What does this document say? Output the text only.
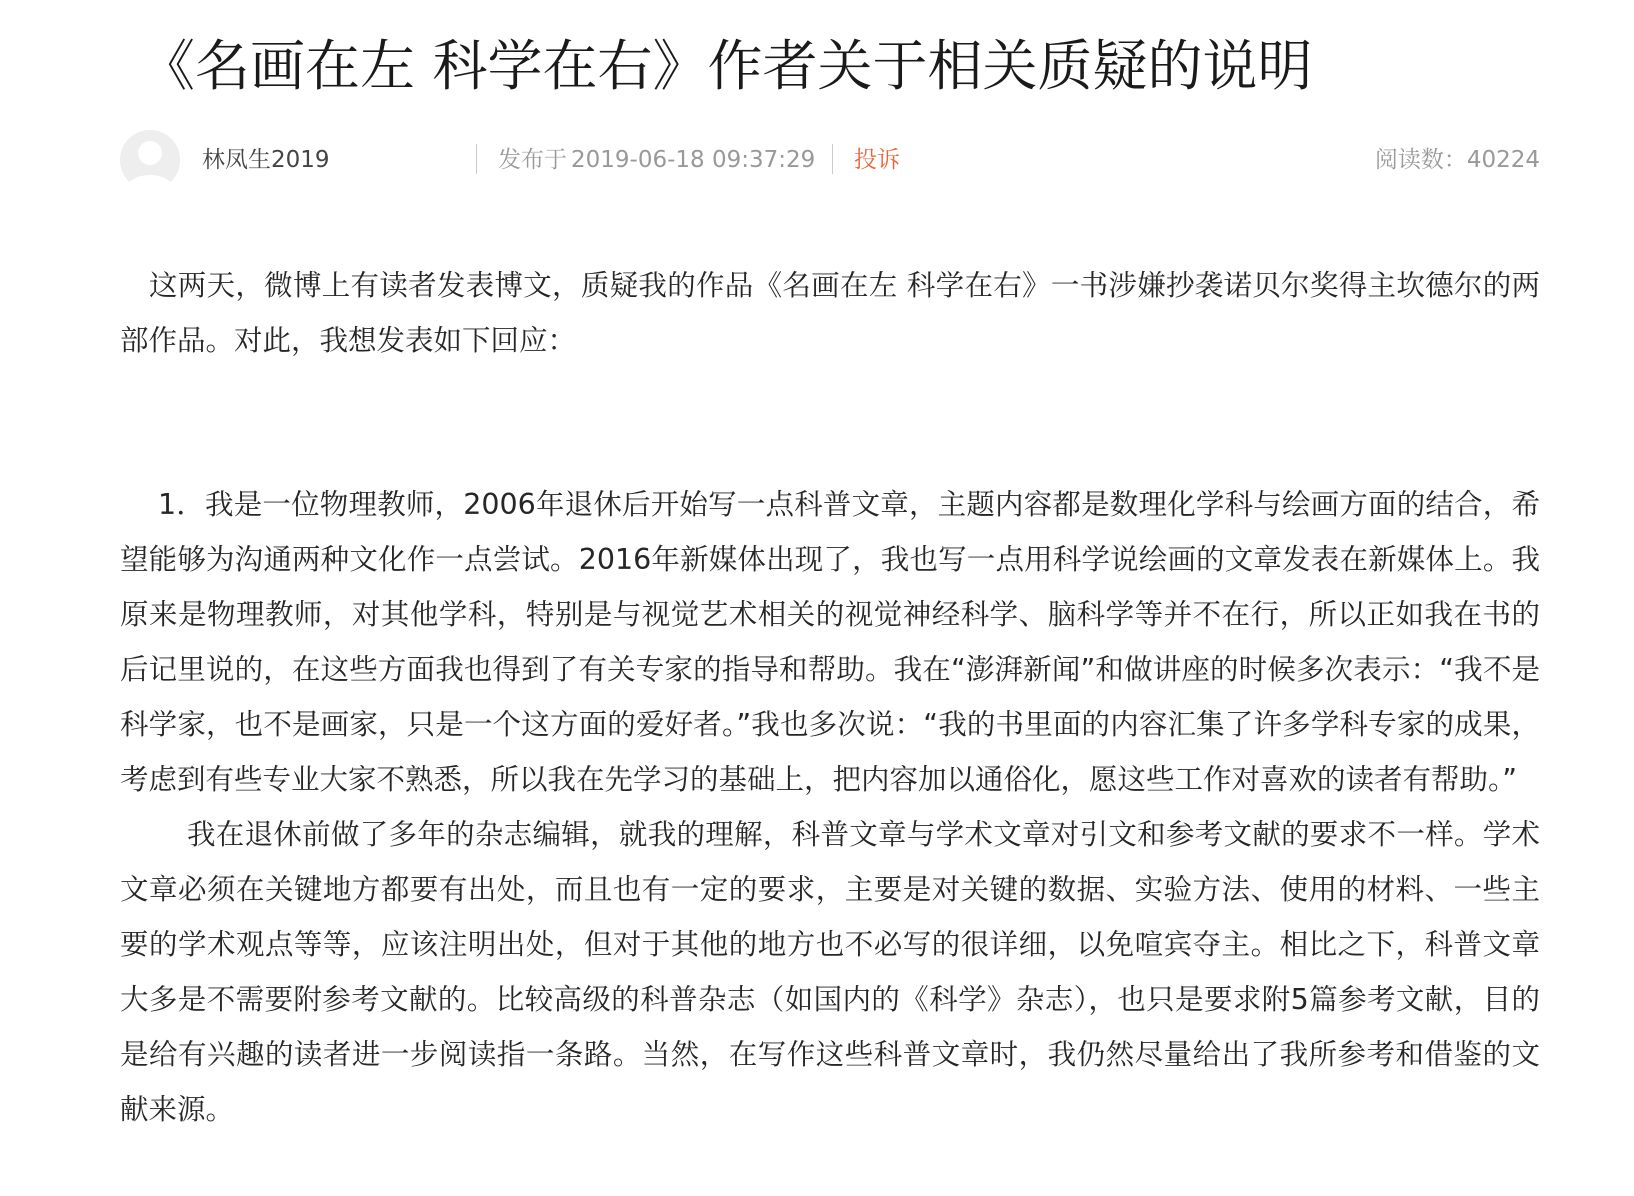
《名画在左 科学在右》作者关于相关质疑的说明
林凤生2019	发布于 2019-06-18 09:37:29 投诉	阅读数：40224

这两天，微博上有读者发表博文，质疑我的作品《名画在左 科学在右》一书涉嫌抄袭诺贝尔奖得主坎德尔的两部作品。对此，我想发表如下回应：

1．我是一位物理教师，2006年退休后开始写一点科普文章，主题内容都是数理化学科与绘画方面的结合，希望能够为沟通两种文化作一点尝试。2016年新媒体出现了，我也写一点用科学说绘画的文章发表在新媒体上。我原来是物理教师，对其他学科，特别是与视觉艺术相关的视觉神经科学、脑科学等并不在行，所以正如我在书的后记里说的，在这些方面我也得到了有关专家的指导和帮助。我在“澎湃新闻”和做讲座的时候多次表示：“我不是科学家，也不是画家，只是一个这方面的爱好者。”我也多次说：“我的书里面的内容汇集了许多学科专家的成果，考虑到有些专业大家不熟悉，所以我在先学习的基础上，把内容加以通俗化，愿这些工作对喜欢的读者有帮助。”

我在退休前做了多年的杂志编辑，就我的理解，科普文章与学术文章对引文和参考文献的要求不一样。学术文章必须在关键地方都要有出处，而且也有一定的要求，主要是对关键的数据、实验方法、使用的材料、一些主要的学术观点等等，应该注明出处，但对于其他的地方也不必写的很详细，以免喧宾夺主。相比之下，科普文章大多是不需要附参考文献的。比较高级的科普杂志（如国内的《科学》杂志），也只是要求附5篇参考文献，目的是给有兴趣的读者进一步阅读指一条路。当然，在写作这些科普文章时，我仍然尽量给出了我所参考和借鉴的文献来源。
